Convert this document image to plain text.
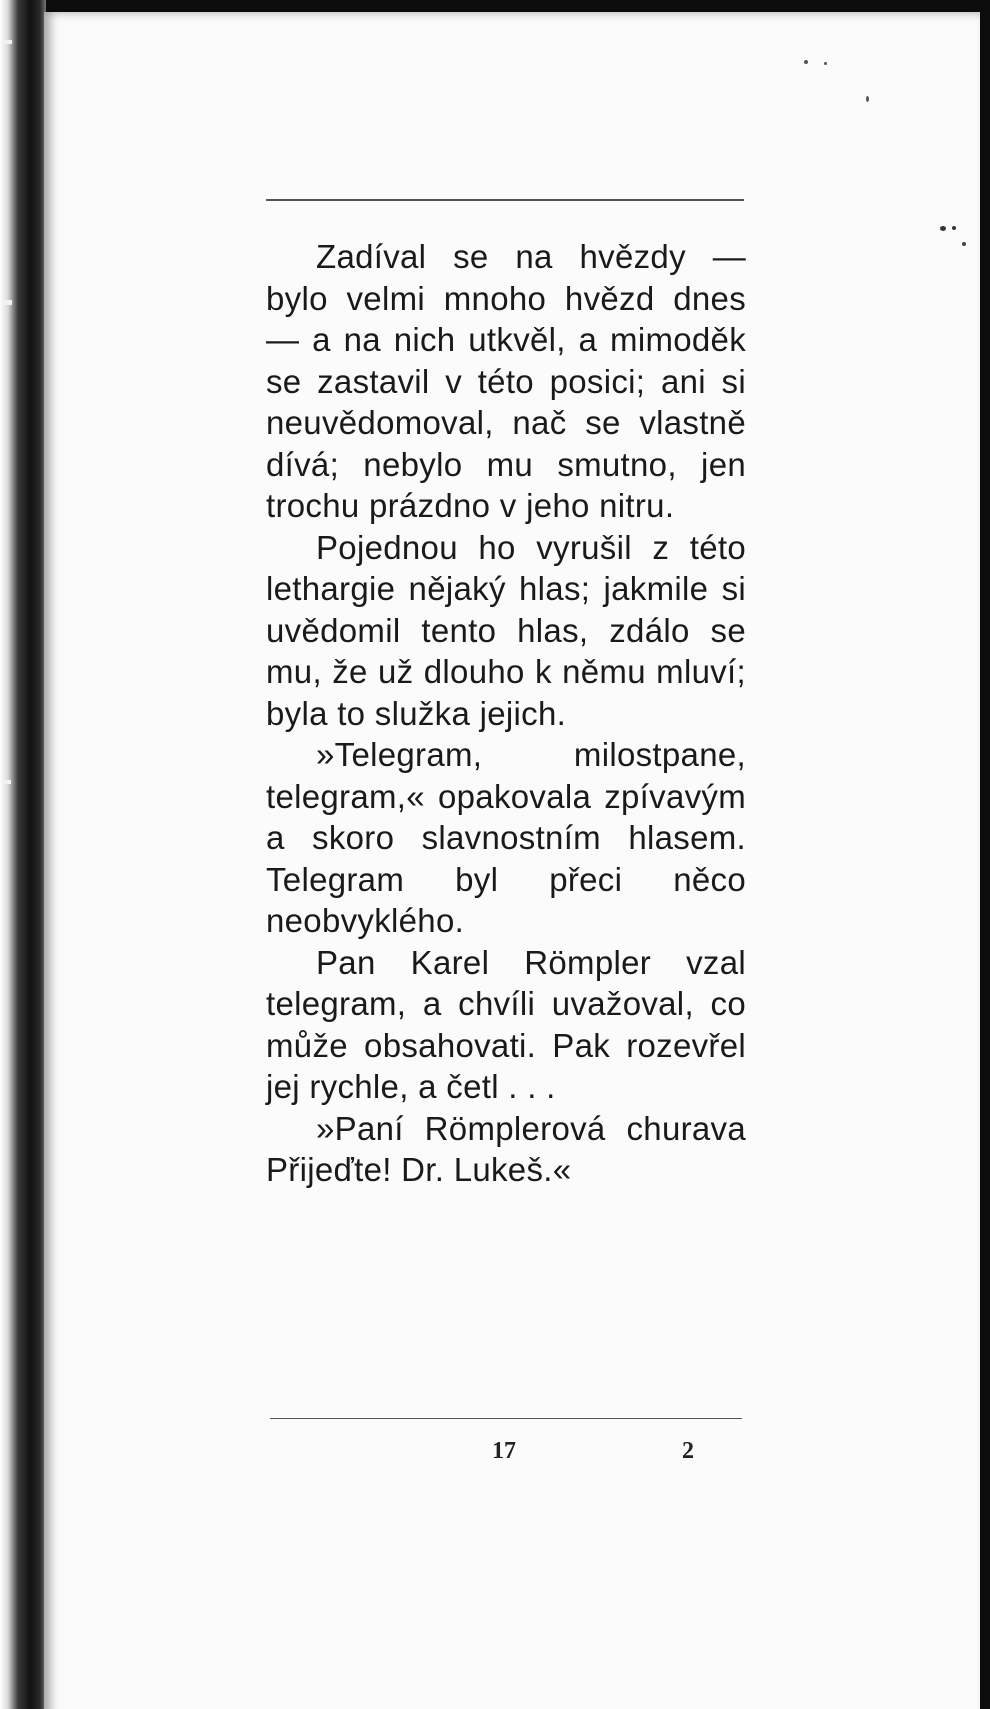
Zadíval se na hvězdy — bylo velmi mnoho hvězd dnes — a na nich utkvěl, a mimoděk se zastavil v této posici; ani si neuvědomoval, nač se vlastně dívá; nebylo mu smutno, jen trochu prázdno v jeho nitru.

Pojednou ho vyrušil z této lethargie nějaký hlas; jakmile si uvědomil tento hlas, zdálo se mu, že už dlouho k němu mluví; byla to služka jejich.

»Telegram, milostpane, telegram,« opakovala zpívavým a skoro slavnostním hlasem. Telegram byl přeci něco neobvyklého.

Pan Karel Römpler vzal telegram, a chvíli uvažoval, co může obsahovati. Pak rozevřel jej rychle, a četl . . .

»Paní Römplerová churava Přijeďte! Dr. Lukeš.«

17	2
